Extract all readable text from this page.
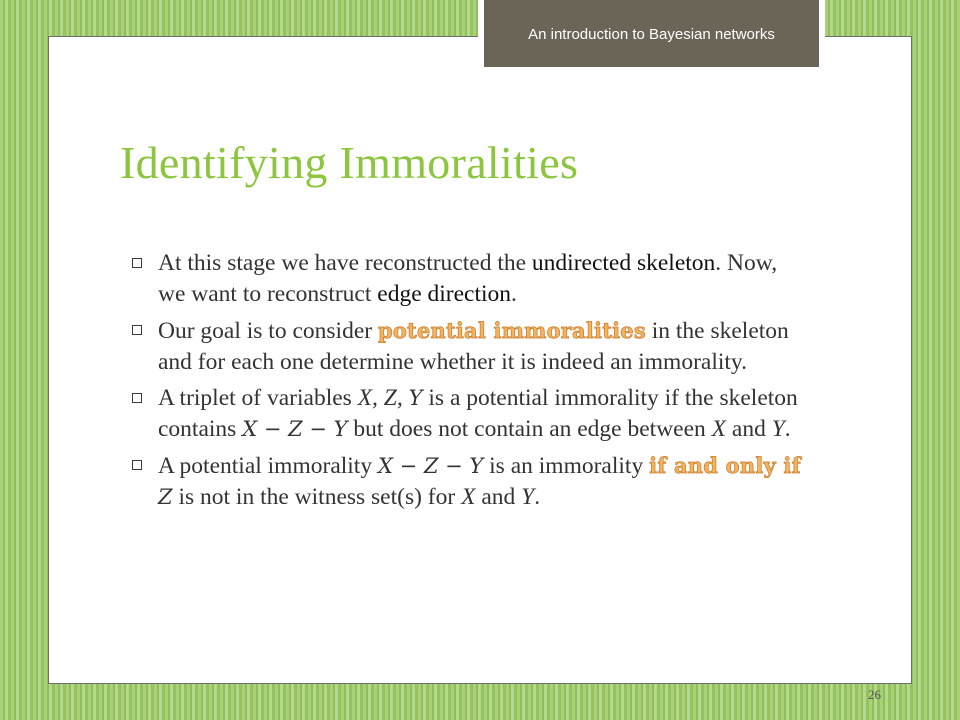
An introduction to Bayesian networks
Identifying Immoralities
At this stage we have reconstructed the undirected skeleton. Now, we want to reconstruct edge direction.
Our goal is to consider potential immoralities in the skeleton and for each one determine whether it is indeed an immorality.
A triplet of variables X, Z, Y is a potential immorality if the skeleton contains X − Z − Y but does not contain an edge between X and Y.
A potential immorality X − Z − Y is an immorality if and only if Z is not in the witness set(s) for X and Y.
26
